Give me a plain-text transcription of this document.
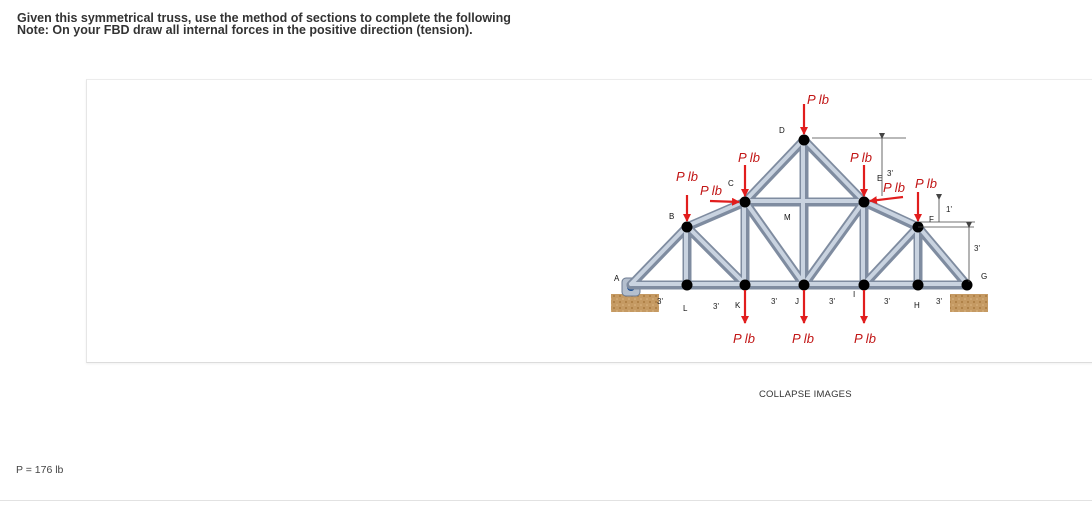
Given this symmetrical truss, use the method of sections to complete the following
Note: On your FBD draw all internal forces in the positive direction (tension).
A
B
C
D
E
F
G
H
I
J
K
L
M
3'
3'
3'	3'	3'	3'
3'
1'
3'
P lb
P lb	P lb
P lb
P lb	P lb P lb
P lb	P lb	P lb
COLLAPSE IMAGES
P = 176 lb
